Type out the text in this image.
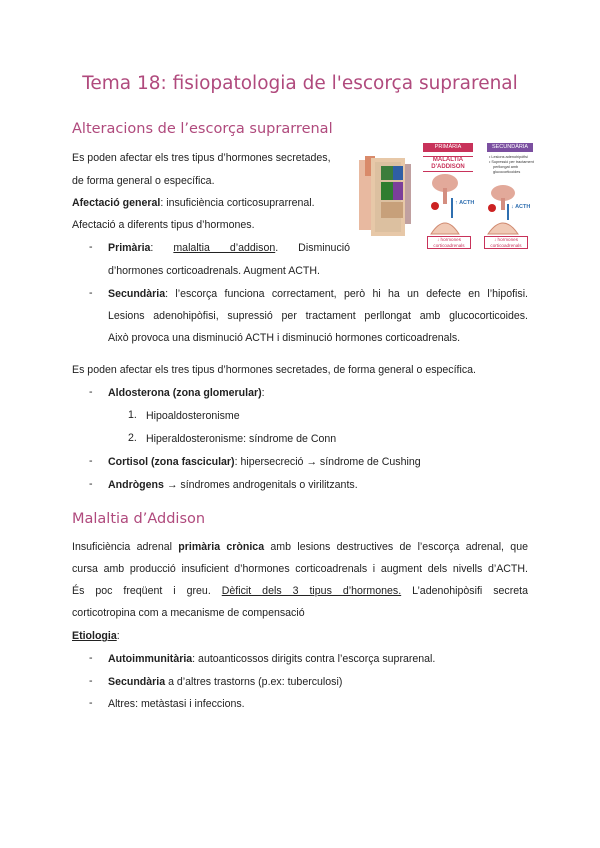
Tema 18: fisiopatologia de l'escorça suprarenal
Alteracions de l’escorça suprarrenal
Es poden afectar els tres tipus d’hormones secretades,
de forma general o específica.
Afectació general: insuficiència corticosuprarrenal.
Afectació a diferents tipus d’hormones.
- Primària: malaltia d’addison. Disminució
d’hormones corticoadrenals. Augment ACTH.
- Secundària: l’escorça funciona correctament, però hi ha un defecte en l’hipofisi.
Lesions adenohipòfisi, supressió per tractament perllongat amb glucocorticoides.
Això provoca una disminució ACTH i disminució hormones corticoadrenals.
Es poden afectar els tres tipus d’hormones secretades, de forma general o específica.
- Aldosterona (zona glomerular):
1. Hipoaldosteronisme
2. Hiperaldosteronisme: síndrome de Conn
- Cortisol (zona fascicular): hipersecreció → síndrome de Cushing
- Andrògens → síndromes androgenitals o virilitzants.
PRIMÀRIA	SECUNDÀRIA
MALALTIA
D'ADDISON
• Lesions adenohipòfisi
• Supressió per tractament
perllongat amb
glucocorticoides
↑ ACTH
↓ ACTH
↓ hormones
corticoadrenals
↓ hormones
corticoadrenals
Malaltia d’Addison
Insuficiència adrenal primària crònica amb lesions destructives de l’escorça adrenal, que
cursa amb producció insuficient d’hormones corticoadrenals i augment dels nivells d’ACTH.
És poc freqüent i greu. Dèficit dels 3 tipus d’hormones. L’adenohipòsifi secreta
corticotropina com a mecanisme de compensació
Etiologia:
- Autoimmunitària: autoanticossos dirigits contra l’escorça suprarenal.
- Secundària a d’altres trastorns (p.ex: tuberculosi)
- Altres: metàstasi i infeccions.
